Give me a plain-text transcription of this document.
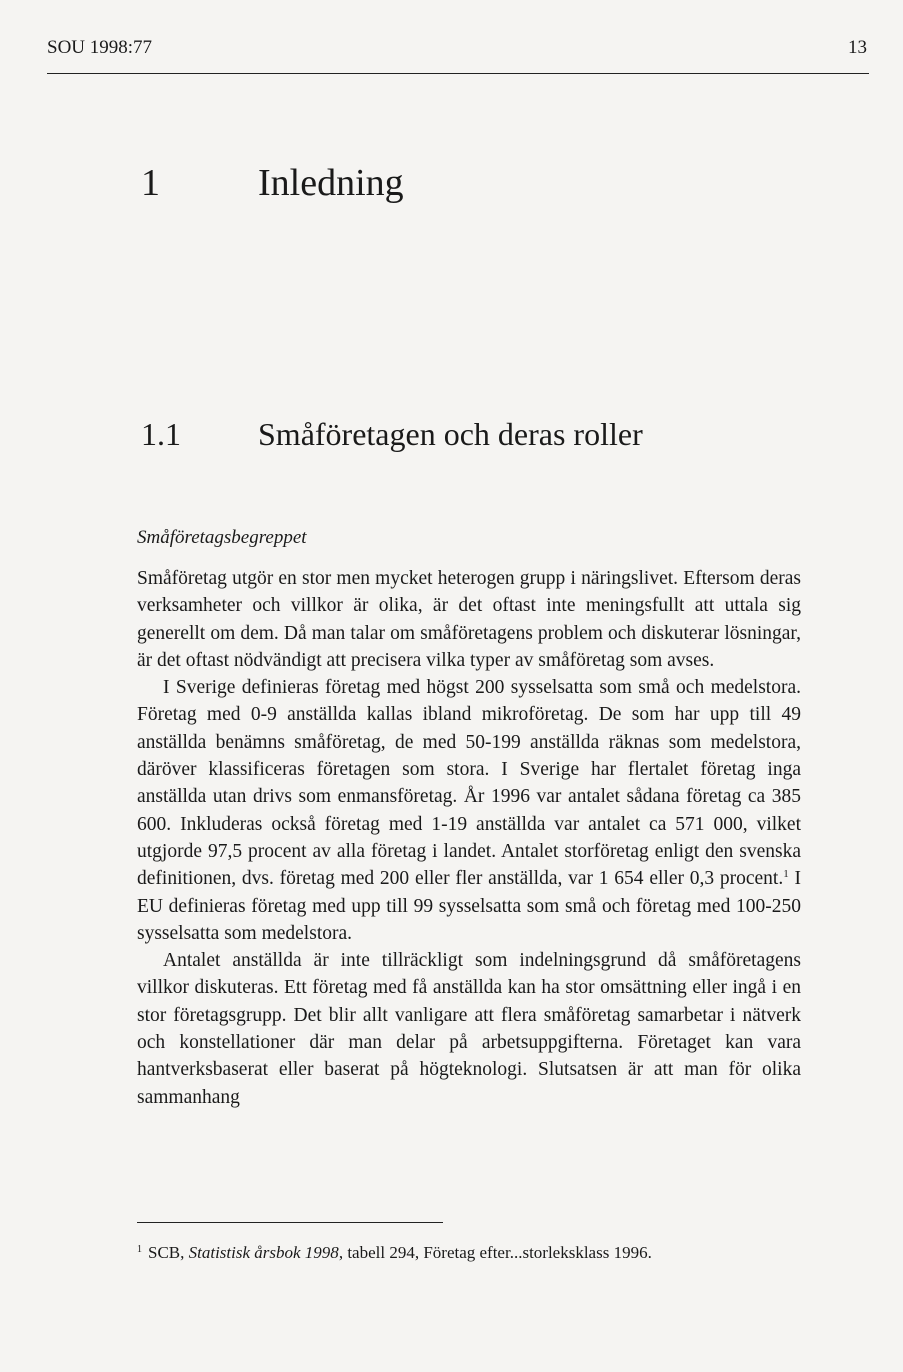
SOU 1998:77	13
1	Inledning
1.1 Småföretagen och deras roller
Småföretagsbegreppet

Småföretag utgör en stor men mycket heterogen grupp i näringslivet. Eftersom deras verksamheter och villkor är olika, är det oftast inte meningsfullt att uttala sig generellt om dem. Då man talar om småföretagens problem och diskuterar lösningar, är det oftast nödvändigt att precisera vilka typer av småföretag som avses.

I Sverige definieras företag med högst 200 sysselsatta som små och medelstora. Företag med 0-9 anställda kallas ibland mikroföretag. De som har upp till 49 anställda benämns småföretag, de med 50-199 anställda räknas som medelstora, däröver klassificeras företagen som stora. I Sverige har flertalet företag inga anställda utan drivs som enmansföretag. År 1996 var antalet sådana företag ca 385 600. Inkluderas också företag med 1-19 anställda var antalet ca 571 000, vilket utgjorde 97,5 procent av alla företag i landet. Antalet storföretag enligt den svenska definitionen, dvs. företag med 200 eller fler anställda, var 1 654 eller 0,3 procent.$^1$ I EU definieras företag med upp till 99 sysselsatta som små och företag med 100-250 sysselsatta som medelstora.

Antalet anställda är inte tillräckligt som indelningsgrund då småföretagens villkor diskuteras. Ett företag med få anställda kan ha stor omsättning eller ingå i en stor företagsgrupp. Det blir allt vanligare att flera småföretag samarbetar i nätverk och konstellationer där man delar på arbetsuppgifterna. Företaget kan vara hantverksbaserat eller baserat på högteknologi. Slutsatsen är att man för olika sammanhang

$^1$ SCB, Statistisk årsbok 1998, tabell 294, Företag efter...storleksklass 1996.
